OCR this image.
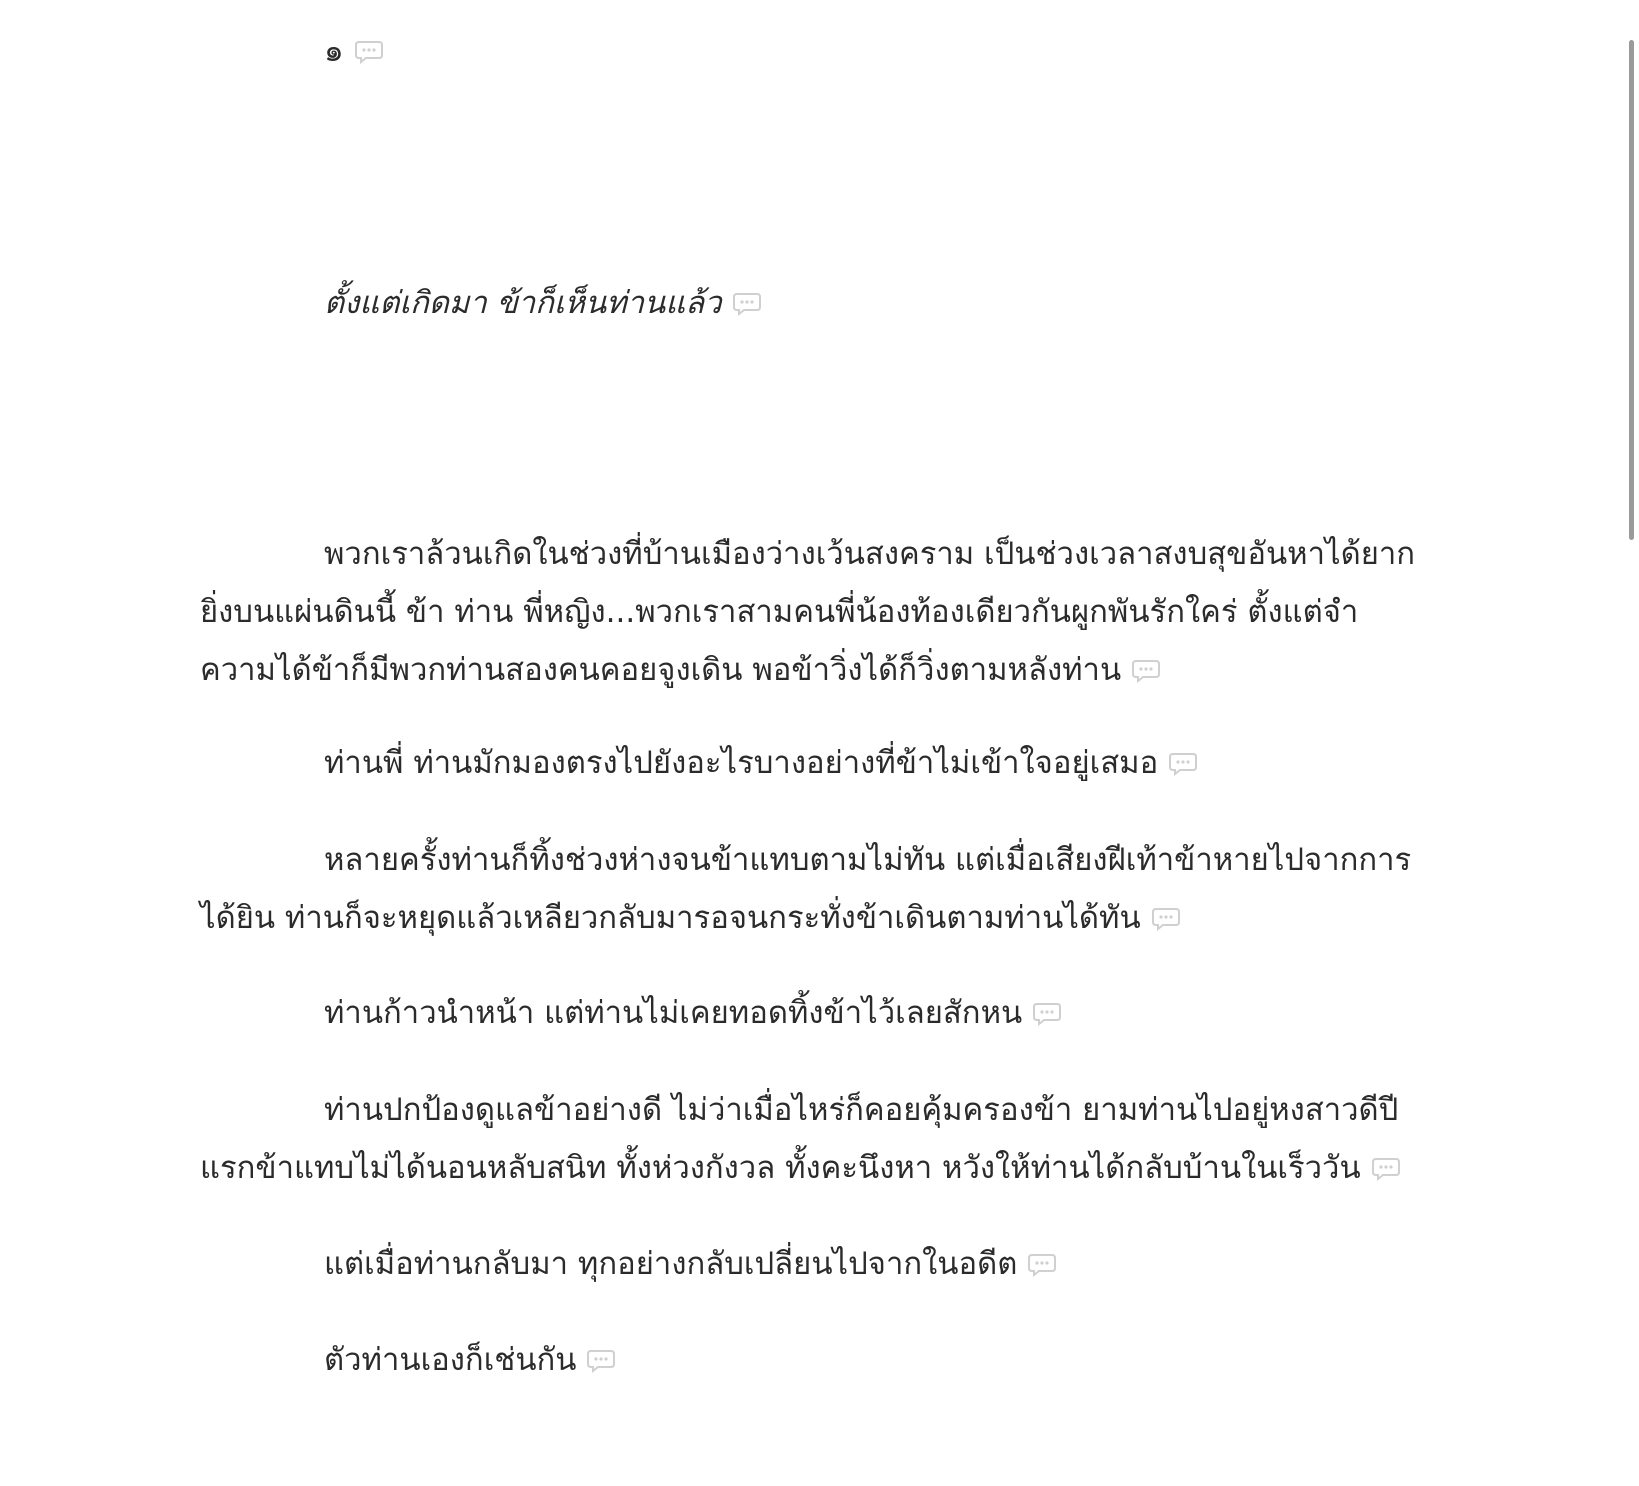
๑

ตั้งแต่เกิดมา ข้าก็เห็นท่านแล้ว

พวกเราล้วนเกิดในช่วงที่บ้านเมืองว่างเว้นสงคราม เป็นช่วงเวลาสงบสุขอันหาได้ยากยิ่งบนแผ่นดินนี้ ข้า ท่าน พี่หญิง...พวกเราสามคนพี่น้องท้องเดียวกันผูกพันรักใคร่ ตั้งแต่จำความได้ข้าก็มีพวกท่านสองคนคอยจูงเดิน พอข้าวิ่งได้ก็วิ่งตามหลังท่าน

ท่านพี่ ท่านมักมองตรงไปยังอะไรบางอย่างที่ข้าไม่เข้าใจอยู่เสมอ

หลายครั้งท่านก็ทิ้งช่วงห่างจนข้าแทบตามไม่ทัน แต่เมื่อเสียงฝีเท้าข้าหายไปจากการได้ยิน ท่านก็จะหยุดแล้วเหลียวกลับมารอจนกระทั่งข้าเดินตามท่านได้ทัน

ท่านก้าวนำหน้า แต่ท่านไม่เคยทอดทิ้งข้าไว้เลยสักหน

ท่านปกป้องดูแลข้าอย่างดี ไม่ว่าเมื่อไหร่ก็คอยคุ้มครองข้า ยามท่านไปอยู่หงสาวดีปีแรกข้าแทบไม่ได้นอนหลับสนิท ทั้งห่วงกังวล ทั้งคะนึงหา หวังให้ท่านได้กลับบ้านในเร็ววัน

แต่เมื่อท่านกลับมา ทุกอย่างกลับเปลี่ยนไปจากในอดีต

ตัวท่านเองก็เช่นกัน
